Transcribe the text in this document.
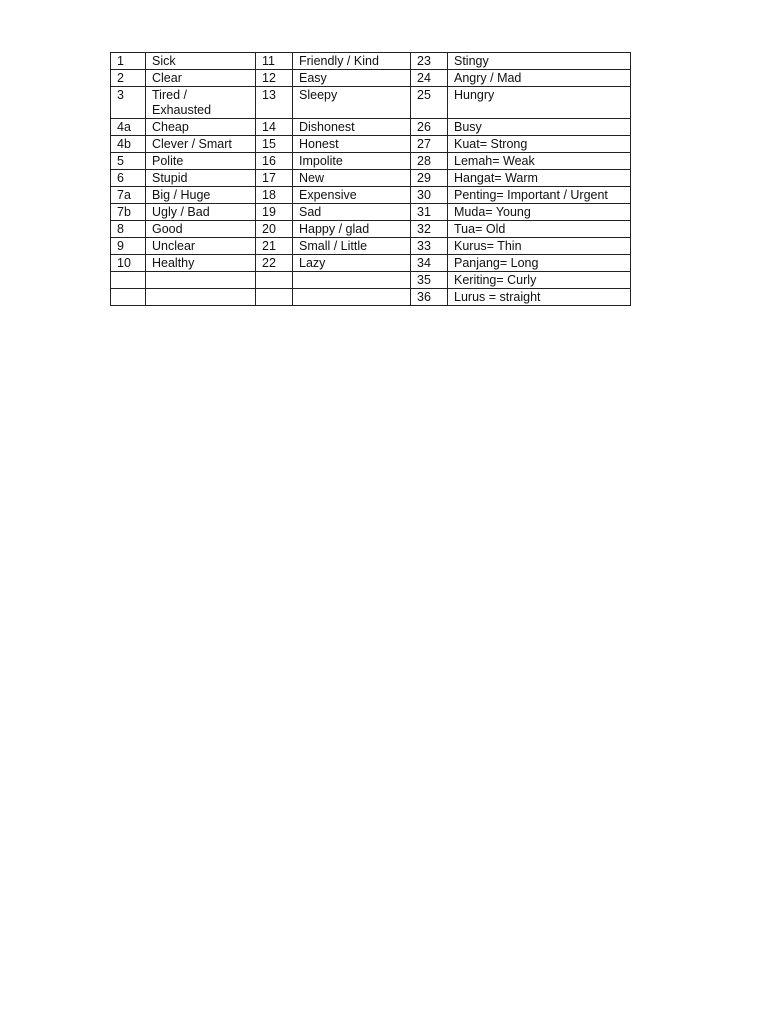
1	Sick	11	Friendly / Kind	23	Stingy
2	Clear	12	Easy	24	Angry / Mad
3	Tired / Exhausted	13	Sleepy	25	Hungry
4a	Cheap	14	Dishonest	26	Busy
4b	Clever / Smart	15	Honest	27	Kuat= Strong
5	Polite	16	Impolite	28	Lemah= Weak
6	Stupid	17	New	29	Hangat= Warm
7a	Big / Huge	18	Expensive	30	Penting= Important / Urgent
7b	Ugly / Bad	19	Sad	31	Muda= Young
8	Good	20	Happy / glad	32	Tua= Old
9	Unclear	21	Small / Little	33	Kurus= Thin
10	Healthy	22	Lazy	34	Panjang= Long
				35	Keriting= Curly
				36	Lurus = straight
